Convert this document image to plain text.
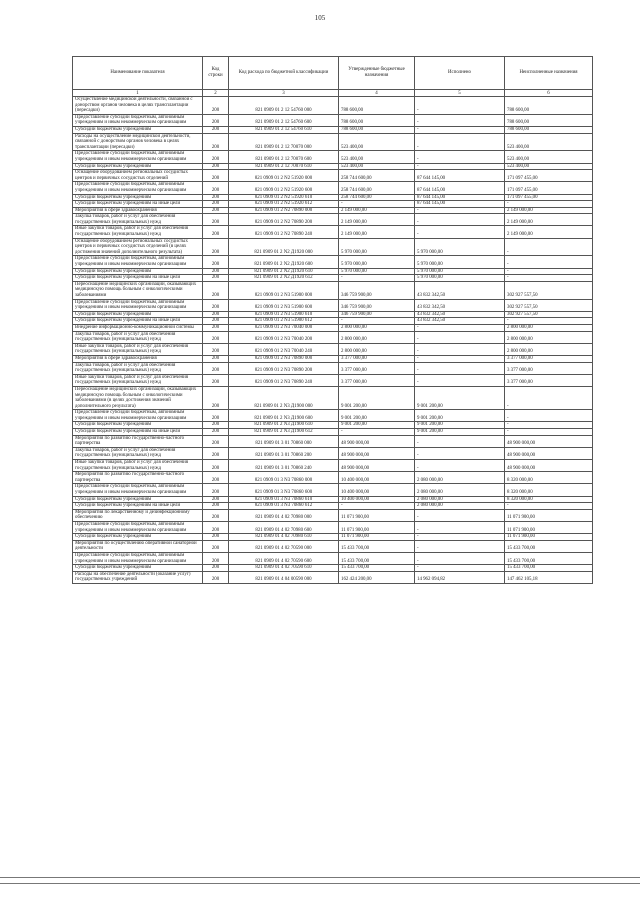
105
Наименование показателя	Код строки	Код расхода по бюджетной классификации	Утвержденные бюджетные назначения	Исполнено	Неисполненные назначения
1	2	3	4	5	6
Осуществление медицинской деятельности, связанной с донорством органов человека в целях трансплантации (пересадки)	200	821 0909 01 2 12 54760 000	788 600,00	-	788 600,00
Предоставление субсидий бюджетным, автономным учреждениям и иным некоммерческим организациям	200	821 0909 01 2 12 54760 600	788 600,00	-	788 600,00
Субсидии бюджетным учреждениям	200	821 0909 01 2 12 54760 610	788 600,00	-	788 600,00
Расходы на осуществление медицинской деятельности, связанной с донорством органов человека в целях трансплантации (пересадки)	200	821 0909 01 2 12 70070 000	523 400,00	-	523 400,00
Предоставление субсидий бюджетным, автономным учреждениям и иным некоммерческим организациям	200	821 0909 01 2 12 70070 600	523 400,00	-	523 400,00
Субсидии бюджетным учреждениям	200	821 0909 01 2 12 70070 610	523 400,00	-	523 400,00
Оснащение оборудованием региональных сосудистых центров и первичных сосудистых отделений	200	821 0909 01 2 N2 51920 000	258 744 600,00	87 644 145,00	171 097 455,00
Предоставление субсидий бюджетным, автономным учреждениям и иным некоммерческим организациям	200	821 0909 01 2 N2 51920 600	258 744 600,00	87 644 145,00	171 097 455,00
Субсидии бюджетным учреждениям	200	821 0909 01 2 N2 51920 610	258 744 600,00	87 644 145,00	171 097 455,00
Субсидии бюджетным учреждениям на иные цели	200	821 0909 01 2 N2 51920 612	-	87 644 145,00	-
Мероприятия в сфере здравоохранения	200	821 0909 01 2 N2 70890 000	2 149 000,00	-	2 149 000,00
Закупка товаров, работ и услуг для обеспечения государственных (муниципальных) нужд	200	821 0909 01 2 N2 70890 200	2 149 000,00	-	2 149 000,00
Иные закупки товаров, работ и услуг для обеспечения государственных (муниципальных) нужд	200	821 0909 01 2 N2 70890 240	2 149 000,00	-	2 149 000,00
Оснащение оборудованием региональных сосудистых центров и первичных сосудистых отделений (в целях достижения значений дополнительного результата)	200	821 0909 01 2 N2 Д1920 000	5 970 000,00	5 970 000,00	-
Предоставление субсидий бюджетным, автономным учреждениям и иным некоммерческим организациям	200	821 0909 01 2 N2 Д1920 600	5 970 000,00	5 970 000,00	-
Субсидии бюджетным учреждениям	200	821 0909 01 2 N2 Д1920 610	5 970 000,00	5 970 000,00	-
Субсидии бюджетным учреждениям на иные цели	200	821 0909 01 2 N2 Д1920 612	-	5 970 000,00	-
Переоснащение медицинских организаций, оказывающих медицинскую помощь больным с онкологическими заболеваниями	200	821 0909 01 2 N3 51900 000	346 759 900,00	43 832 342,50	302 927 557,50
Предоставление субсидий бюджетным, автономным учреждениям и иным некоммерческим организациям	200	821 0909 01 2 N3 51900 600	346 759 900,00	43 832 342,50	302 927 557,50
Субсидии бюджетным учреждениям	200	821 0909 01 2 N3 51900 610	346 759 900,00	43 832 342,50	302 927 557,50
Субсидии бюджетным учреждениям на иные цели	200	821 0909 01 2 N3 51900 612	-	43 832 342,50	-
Внедрение информационно-коммуникационной системы	200	821 0909 01 2 N3 70040 000	2 800 000,00	-	2 800 000,00
Закупка товаров, работ и услуг для обеспечения государственных (муниципальных) нужд	200	821 0909 01 2 N3 70040 200	2 800 000,00	-	2 800 000,00
Иные закупки товаров, работ и услуг для обеспечения государственных (муниципальных) нужд	200	821 0909 01 2 N3 70040 240	2 800 000,00	-	2 800 000,00
Мероприятия в сфере здравоохранения	200	821 0909 01 2 N3 70890 000	3 377 000,00	-	3 377 000,00
Закупка товаров, работ и услуг для обеспечения государственных (муниципальных) нужд	200	821 0909 01 2 N3 70890 200	3 377 000,00	-	3 377 000,00
Иные закупки товаров, работ и услуг для обеспечения государственных (муниципальных) нужд	200	821 0909 01 2 N3 70890 240	3 377 000,00	-	3 377 000,00
Переоснащение медицинских организаций, оказывающих медицинскую помощь больным с онкологическими заболеваниями (в целях достижения значений дополнительного результата)	200	821 0909 01 2 N3 Д1900 000	9 001 200,00	9 001 200,00	-
Предоставление субсидий бюджетным, автономным учреждениям и иным некоммерческим организациям	200	821 0909 01 2 N3 Д1900 600	9 001 200,00	9 001 200,00	-
Субсидии бюджетным учреждениям	200	821 0909 01 2 N3 Д1900 610	9 001 200,00	9 001 200,00	-
Субсидии бюджетным учреждениям на иные цели	200	821 0909 01 2 N3 Д1900 612	-	9 001 200,00	-
Мероприятия по развитию государственно-частного партнерства	200	821 0909 01 3 01 70860 000	48 900 000,00	-	48 900 000,00
Закупка товаров, работ и услуг для обеспечения государственных (муниципальных) нужд	200	821 0909 01 3 01 70860 200	48 900 000,00	-	48 900 000,00
Иные закупки товаров, работ и услуг для обеспечения государственных (муниципальных) нужд	200	821 0909 01 3 01 70860 240	48 900 000,00	-	48 900 000,00
Мероприятия по развитию государственно-частного партнерства	200	821 0909 01 3 N3 70860 000	10 400 000,00	2 080 000,00	8 320 000,00
Предоставление субсидий бюджетным, автономным учреждениям и иным некоммерческим организациям	200	821 0909 01 3 N3 70860 600	10 400 000,00	2 080 000,00	8 320 000,00
Субсидии бюджетным учреждениям	200	821 0909 01 3 N3 70860 610	10 400 000,00	2 080 000,00	8 320 000,00
Субсидии бюджетным учреждениям на иные цели	200	821 0909 01 3 N3 70860 612	-	2 080 000,00	-
Мероприятия по лекарственному и дезинфекционному обеспечению	200	821 0909 01 4 02 70980 000	11 071 900,00	-	11 071 900,00
Предоставление субсидий бюджетным, автономным учреждениям и иным некоммерческим организациям	200	821 0909 01 4 02 70980 600	11 071 900,00	-	11 071 900,00
Субсидии бюджетным учреждениям	200	821 0909 01 4 02 70980 610	11 071 900,00	-	11 071 900,00
Мероприятия по осуществлению оперативной санаторной деятельности	200	821 0909 01 4 02 70590 000	15 433 700,00	-	15 433 700,00
Предоставление субсидий бюджетным, автономным учреждениям и иным некоммерческим организациям	200	821 0909 01 4 02 70590 600	15 433 700,00	-	15 433 700,00
Субсидии бюджетным учреждениям	200	821 0909 01 4 02 70590 610	15 433 700,00	-	15 433 700,00
Расходы на обеспечение деятельности (оказание услуг) государственных учреждений	200	821 0909 01 4 04 00590 000	162 424 200,00	14 962 094,82	147 462 105,18
